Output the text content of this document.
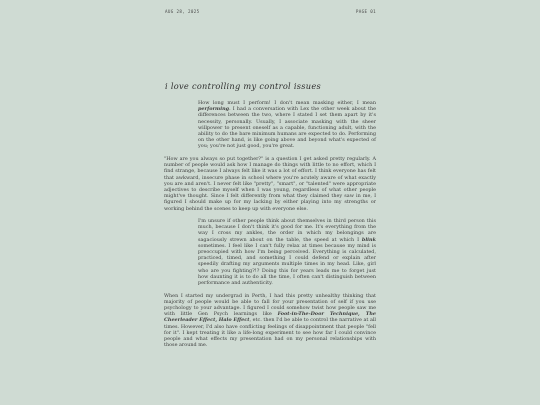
AUG 28, 2025	PAGE 01
i love controlling my control issues

How long must I perform! I don't mean masking either, I mean performing. I had a conversation with Lex the other week about the differences between the two, where I stated I set them apart by it's necessity, personally. Usually, I associate masking with the sheer willpower to present oneself as a capable, functioning adult, with the ability to do the bare minimum humans are expected to do. Performing on the other hand, is like going above and beyond what's expected of you; you're not just good, you're great.

"How are you always so put together?" is a question I get asked pretty regularly. A number of people would ask how I manage do things with little to no effort, which I find strange, because I always felt like it was a lot of effort. I think everyone has felt that awkward, insecure phase in school where you're acutely aware of what exactly you are and aren't. I never felt like "pretty", "smart", or "talented" were appropriate adjectives to describe myself when I was young, regardless of what other people might've thought. Since I felt differently from what they claimed they saw in me, I figured I should make up for my lacking by either playing into my strengths or working behind the scenes to keep up with everyone else.

I'm unsure if other people think about themselves in third person this much, because I don't think it's good for me. It's everything from the way I cross my ankles, the order in which my belongings are sagaciously strewn about on the table, the speed at which I blink sometimes. I feel like I can't fully relax at times because my mind is preoccupied with how I'm being perceived. Everything is calculated, practiced, timed, and something I could defend or explain after speedily drafting my arguments multiple times in my head. Like, girl who are you fighting?!? Doing this for years leads me to forget just how daunting it is to do all the time, I often can't distinguish between performance and authenticity.

When I started my undergrad in Perth, I had this pretty unhealthy thinking that majority of people would be able to fall for your presentation of self if you use psychology to your advantage. I figured I could somehow twist how people saw me with little Gen Psych learnings like Foot-in-The-Door Technique, The Cheerleader Effect, Halo Effect, etc. then I'd be able to control the narrative at all times. However, I'd also have conflicting feelings of disappointment that people "fell for it". I kept treating it like a life-long experiment to see how far I could convince people and what effects my presentation had on my personal relationships with those around me.
